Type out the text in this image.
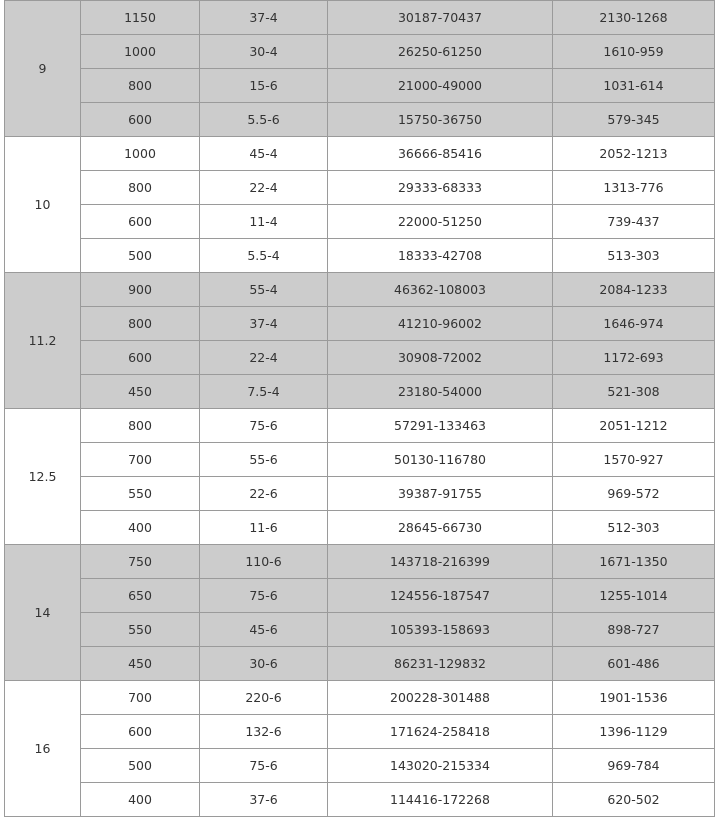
9	1150	37-4	30187-70437	2130-1268
	1000	30-4	26250-61250	1610-959
	800	15-6	21000-49000	1031-614
	600	5.5-6	15750-36750	579-345
10	1000	45-4	36666-85416	2052-1213
	800	22-4	29333-68333	1313-776
	600	11-4	22000-51250	739-437
	500	5.5-4	18333-42708	513-303
11.2	900	55-4	46362-108003	2084-1233
	800	37-4	41210-96002	1646-974
	600	22-4	30908-72002	1172-693
	450	7.5-4	23180-54000	521-308
12.5	800	75-6	57291-133463	2051-1212
	700	55-6	50130-116780	1570-927
	550	22-6	39387-91755	969-572
	400	11-6	28645-66730	512-303
14	750	110-6	143718-216399	1671-1350
	650	75-6	124556-187547	1255-1014
	550	45-6	105393-158693	898-727
	450	30-6	86231-129832	601-486
16	700	220-6	200228-301488	1901-1536
	600	132-6	171624-258418	1396-1129
	500	75-6	143020-215334	969-784
	400	37-6	114416-172268	620-502
